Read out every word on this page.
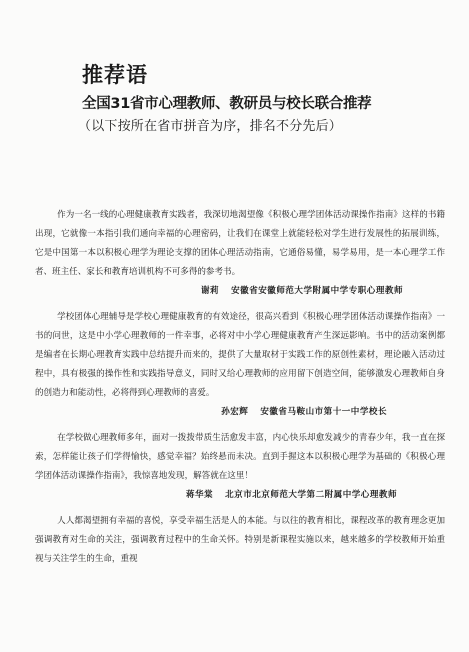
推荐语
全国31省市心理教师、教研员与校长联合推荐
（以下按所在省市拼音为序，排名不分先后）

作为一名一线的心理健康教育实践者，我深切地渴望像《积极心理学团体活动课操作指南》这样的书籍出现，它就像一本指引我们通向幸福的心理密码，让我们在课堂上就能轻松对学生进行发展性的拓展训练，它是中国第一本以积极心理学为理论支撑的团体心理活动指南，它通俗易懂，易学易用，是一本心理学工作者、班主任、家长和教育培训机构不可多得的参考书。

谢莉 安徽省安徽师范大学附属中学专职心理教师

学校团体心理辅导是学校心理健康教育的有效途径，很高兴看到《积极心理学团体活动课操作指南》一书的问世，这是中小学心理教师的一件幸事，必将对中小学心理健康教育产生深远影响。书中的活动案例都是编者在长期心理教育实践中总结提升而来的，提供了大量取材于实践工作的原创性素材，理论融入活动过程中，具有极强的操作性和实践指导意义，同时又给心理教师的应用留下创造空间，能够激发心理教师自身的创造力和能动性，必将得到心理教师的喜爱。

孙宏辉 安徽省马鞍山市第十一中学校长

在学校做心理教师多年，面对一拨拨带质生活愈发丰富，内心快乐却愈发减少的青春少年，我一直在探索，怎样能让孩子们学得愉快，感觉幸福？始终悬而未决。直到手握这本以积极心理学为基础的《积极心理学团体活动课操作指南》，我惊喜地发现，解答就在这里！

蒋华棠 北京市北京师范大学第二附属中学心理教师

人人都渴望拥有幸福的喜悦，享受幸福生活是人的本能。与以往的教育相比，课程改革的教育理念更加强调教育对生命的关注，强调教育过程中的生命关怀。特别是新课程实施以来，越来越多的学校教师开始重视与关注学生的生命，重视
